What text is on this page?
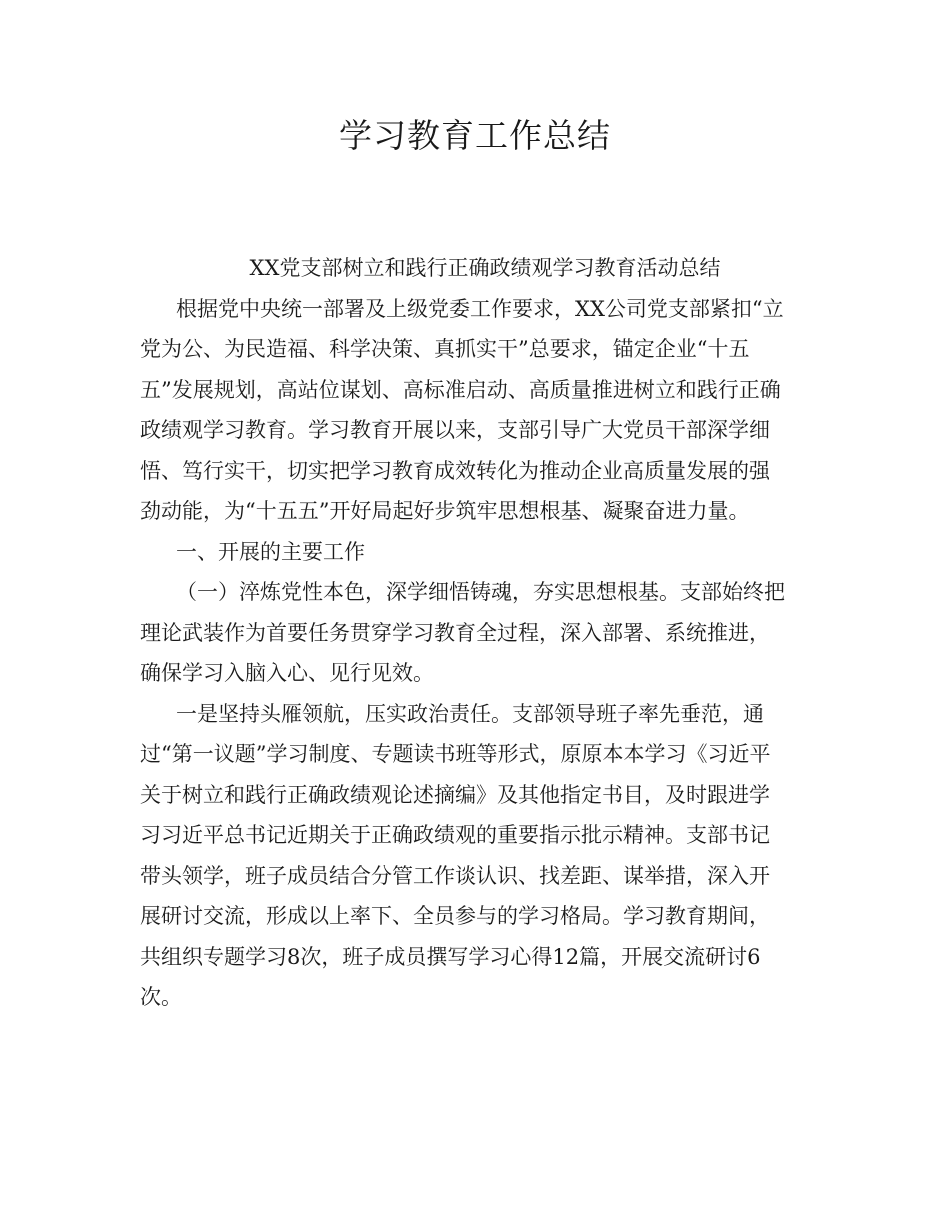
学习教育工作总结

XX党支部树立和践行正确政绩观学习教育活动总结

根据党中央统一部署及上级党委工作要求，XX公司党支部紧扣“立
党为公、为民造福、科学决策、真抓实干”总要求，锚定企业“十五
五”发展规划，高站位谋划、高标准启动、高质量推进树立和践行正确
政绩观学习教育。学习教育开展以来，支部引导广大党员干部深学细
悟、笃行实干，切实把学习教育成效转化为推动企业高质量发展的强
劲动能，为“十五五”开好局起好步筑牢思想根基、凝聚奋进力量。

一、开展的主要工作

（一）淬炼党性本色，深学细悟铸魂，夯实思想根基。支部始终把
理论武装作为首要任务贯穿学习教育全过程，深入部署、系统推进，
确保学习入脑入心、见行见效。

一是坚持头雁领航，压实政治责任。支部领导班子率先垂范，通
过“第一议题”学习制度、专题读书班等形式，原原本本学习《习近平
关于树立和践行正确政绩观论述摘编》及其他指定书目，及时跟进学
习习近平总书记近期关于正确政绩观的重要指示批示精神。支部书记
带头领学，班子成员结合分管工作谈认识、找差距、谋举措，深入开
展研讨交流，形成以上率下、全员参与的学习格局。学习教育期间，
共组织专题学习8次，班子成员撰写学习心得12篇，开展交流研讨6
次。
